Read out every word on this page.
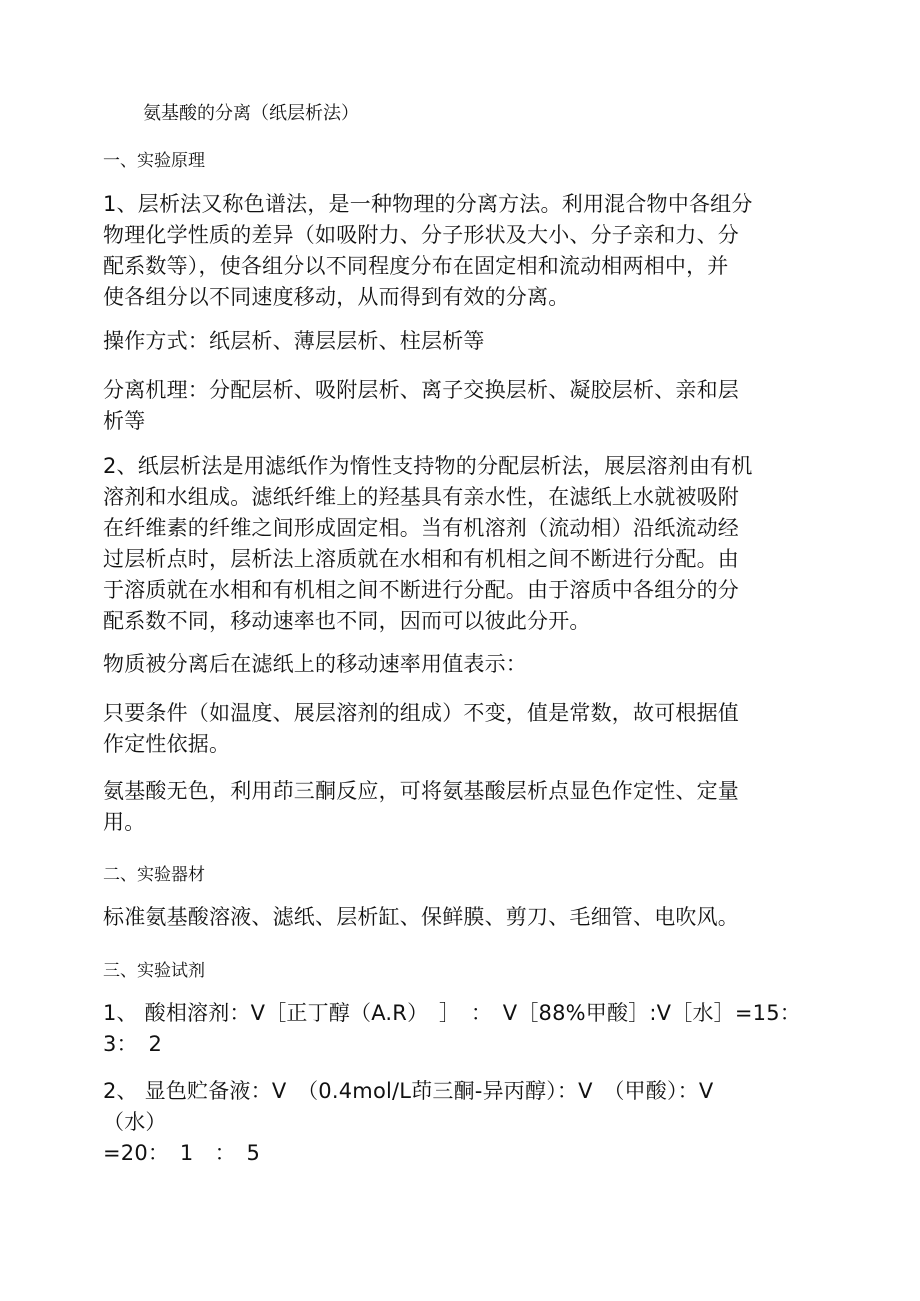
氨基酸的分离（纸层析法）
一、实验原理
1、层析法又称色谱法，是一种物理的分离方法。利用混合物中各组分
物理化学性质的差异（如吸附力、分子形状及大小、分子亲和力、分
配系数等），使各组分以不同程度分布在固定相和流动相两相中，并
使各组分以不同速度移动，从而得到有效的分离。
操作方式：纸层析、薄层层析、柱层析等
分离机理：分配层析、吸附层析、离子交换层析、凝胶层析、亲和层
析等
2、纸层析法是用滤纸作为惰性支持物的分配层析法，展层溶剂由有机
溶剂和水组成。滤纸纤维上的羟基具有亲水性，在滤纸上水就被吸附
在纤维素的纤维之间形成固定相。当有机溶剂（流动相）沿纸流动经
过层析点时，层析法上溶质就在水相和有机相之间不断进行分配。由
于溶质就在水相和有机相之间不断进行分配。由于溶质中各组分的分
配系数不同，移动速率也不同，因而可以彼此分开。
物质被分离后在滤纸上的移动速率用值表示：
只要条件（如温度、展层溶剂的组成）不变，值是常数，故可根据值
作定性依据。
氨基酸无色，利用茚三酮反应，可将氨基酸层析点显色作定性、定量
用。
二、实验器材
标准氨基酸溶液、滤纸、层析缸、保鲜膜、剪刀、毛细管、电吹风。
三、实验试剂
1、 酸相溶剂：V［正丁醇（A.R）　］　：　V［88%甲酸］:V［水］=15：
3：　2
2、 显色贮备液：V　（0.4mol/L茚三酮-异丙醇）：V　（甲酸）：V
（水）
=20：　1　：　5
